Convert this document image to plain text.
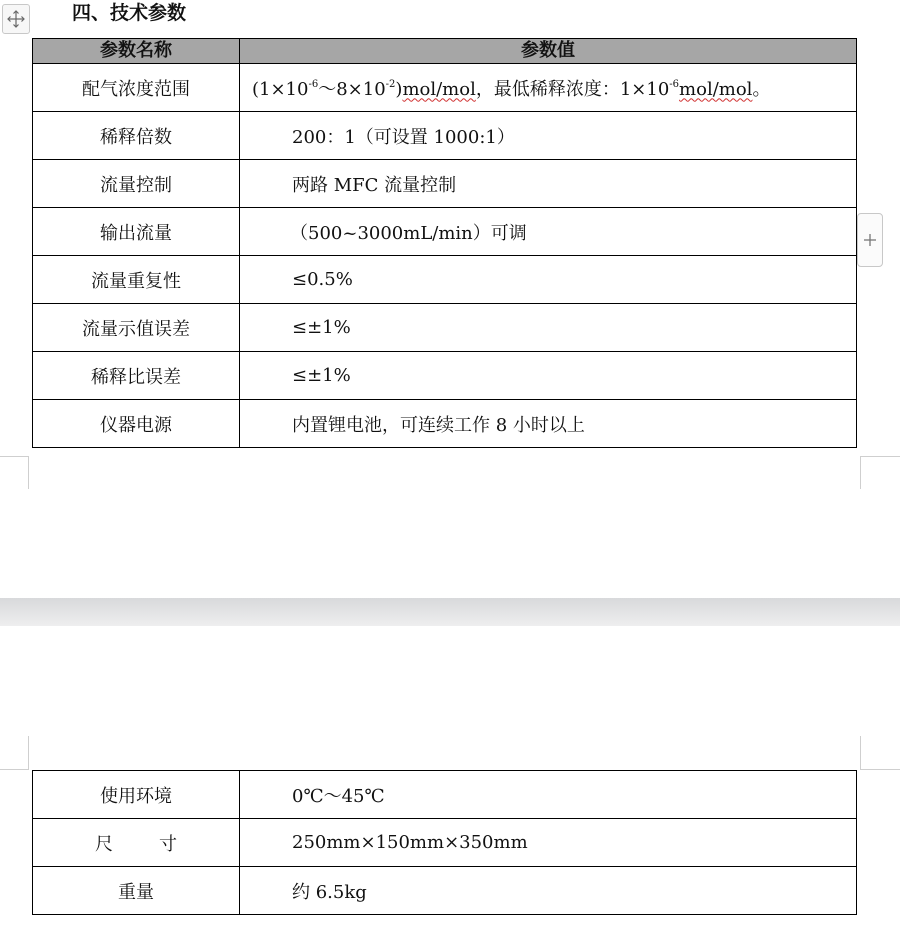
四、技术参数
参数名称	参数值
配气浓度范围	$(1\times 10^{-6}\sim 8\times 10^{-2})mol$/mol，最低稀释浓度：$1\times 10^{-6}mol$/mol。
稀释倍数	200：1（可设置 1000:1）
流量控制	两路 MFC 流量控制
输出流量	（500~3000mL/min）可调
流量重复性	≤0.5%
流量示值误差	≤±1%
稀释比误差	≤±1%
仪器电源	内置锂电池，可连续工作 8 小时以上
使用环境	0℃～45℃
尺 寸	250mm×150mm×350mm
重量	约 6.5kg
